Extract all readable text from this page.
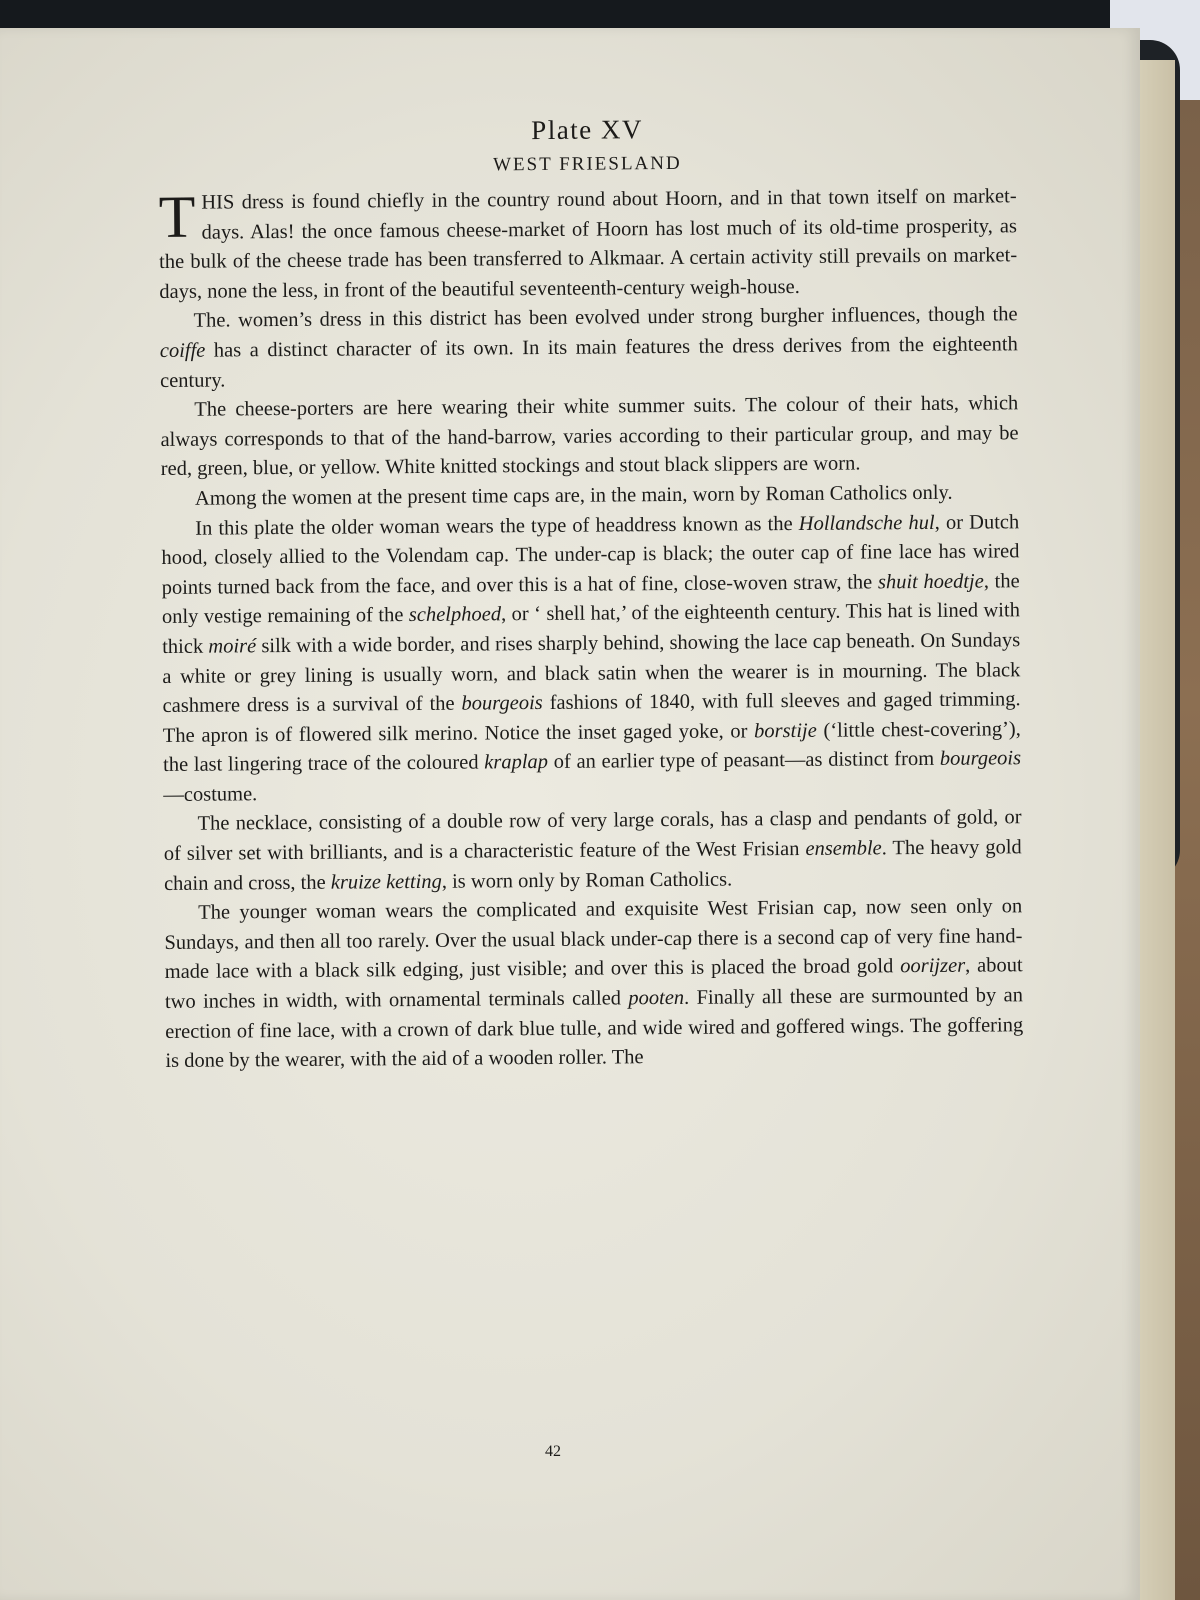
Plate XV
WEST FRIESLAND

THIS dress is found chiefly in the country round about Hoorn, and in that town itself on market-days. Alas! the once famous cheese-market of Hoorn has lost much of its old-time prosperity, as the bulk of the cheese trade has been transferred to Alkmaar. A certain activity still prevails on market-days, none the less, in front of the beautiful seventeenth-century weigh-house.

The. women’s dress in this district has been evolved under strong burgher influences, though the coiffe has a distinct character of its own. In its main features the dress derives from the eighteenth century.

The cheese-porters are here wearing their white summer suits. The colour of their hats, which always corresponds to that of the hand-barrow, varies according to their particular group, and may be red, green, blue, or yellow. White knitted stockings and stout black slippers are worn.

Among the women at the present time caps are, in the main, worn by Roman Catholics only.

In this plate the older woman wears the type of headdress known as the Hollandsche hul, or Dutch hood, closely allied to the Volendam cap. The under-cap is black; the outer cap of fine lace has wired points turned back from the face, and over this is a hat of fine, close-woven straw, the shuit hoedtje, the only vestige remaining of the schelphoed, or ‘ shell hat,’ of the eighteenth century. This hat is lined with thick moiré silk with a wide border, and rises sharply behind, showing the lace cap beneath. On Sundays a white or grey lining is usually worn, and black satin when the wearer is in mourning. The black cashmere dress is a survival of the bourgeois fashions of 1840, with full sleeves and gaged trimming. The apron is of flowered silk merino. Notice the inset gaged yoke, or borstije (‘little chest-covering’), the last lingering trace of the coloured kraplap of an earlier type of peasant—as distinct from bourgeois—costume.

The necklace, consisting of a double row of very large corals, has a clasp and pendants of gold, or of silver set with brilliants, and is a characteristic feature of the West Frisian ensemble. The heavy gold chain and cross, the kruize ketting, is worn only by Roman Catholics.

The younger woman wears the complicated and exquisite West Frisian cap, now seen only on Sundays, and then all too rarely. Over the usual black under-cap there is a second cap of very fine hand-made lace with a black silk edging, just visible; and over this is placed the broad gold oorijzer, about two inches in width, with ornamental terminals called pooten. Finally all these are surmounted by an erection of fine lace, with a crown of dark blue tulle, and wide wired and goffered wings. The goffering is done by the wearer, with the aid of a wooden roller. The

42
